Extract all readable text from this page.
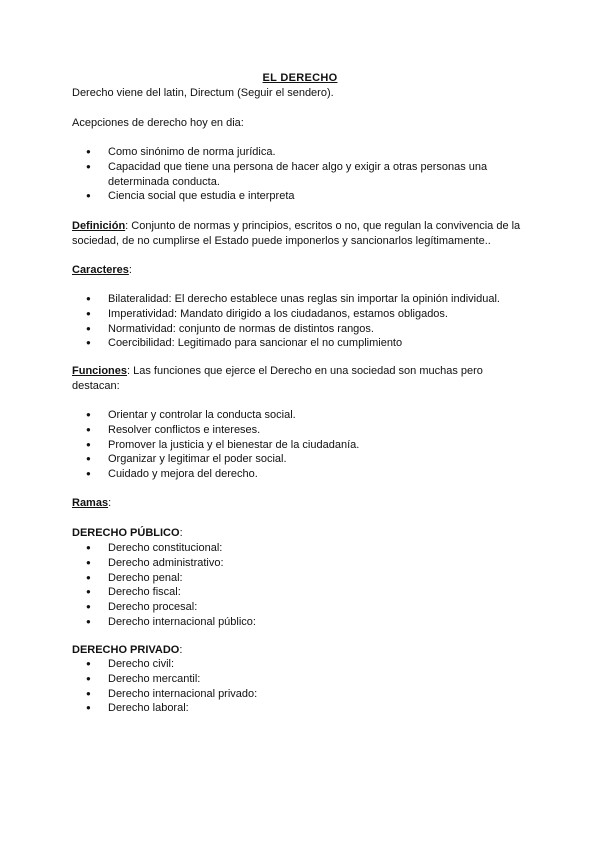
EL DERECHO

Derecho viene del latin, Directum (Seguir el sendero).

Acepciones de derecho hoy en dia:

● Como sinónimo de norma jurídica.
● Capacidad que tiene una persona de hacer algo y exigir a otras personas una determinada conducta.
● Ciencia social que estudia e interpreta

Definición: Conjunto de normas y principios, escritos o no, que regulan la convivencia de la sociedad, de no cumplirse el Estado puede imponerlos y sancionarlos legítimamente..

Caracteres:

● Bilateralidad: El derecho establece unas reglas sin importar la opinión individual.
● Imperatividad: Mandato dirigido a los ciudadanos, estamos obligados.
● Normatividad: conjunto de normas de distintos rangos.
● Coercibilidad: Legitimado para sancionar el no cumplimiento

Funciones: Las funciones que ejerce el Derecho en una sociedad son muchas pero destacan:

● Orientar y controlar la conducta social.
● Resolver conflictos e intereses.
● Promover la justicia y el bienestar de la ciudadanía.
● Organizar y legitimar el poder social.
● Cuidado y mejora del derecho.

Ramas:

DERECHO PÚBLICO:

● Derecho constitucional:
● Derecho administrativo:
● Derecho penal:
● Derecho fiscal:
● Derecho procesal:
● Derecho internacional público:

DERECHO PRIVADO:

● Derecho civil:
● Derecho mercantil:
● Derecho internacional privado:
● Derecho laboral:
